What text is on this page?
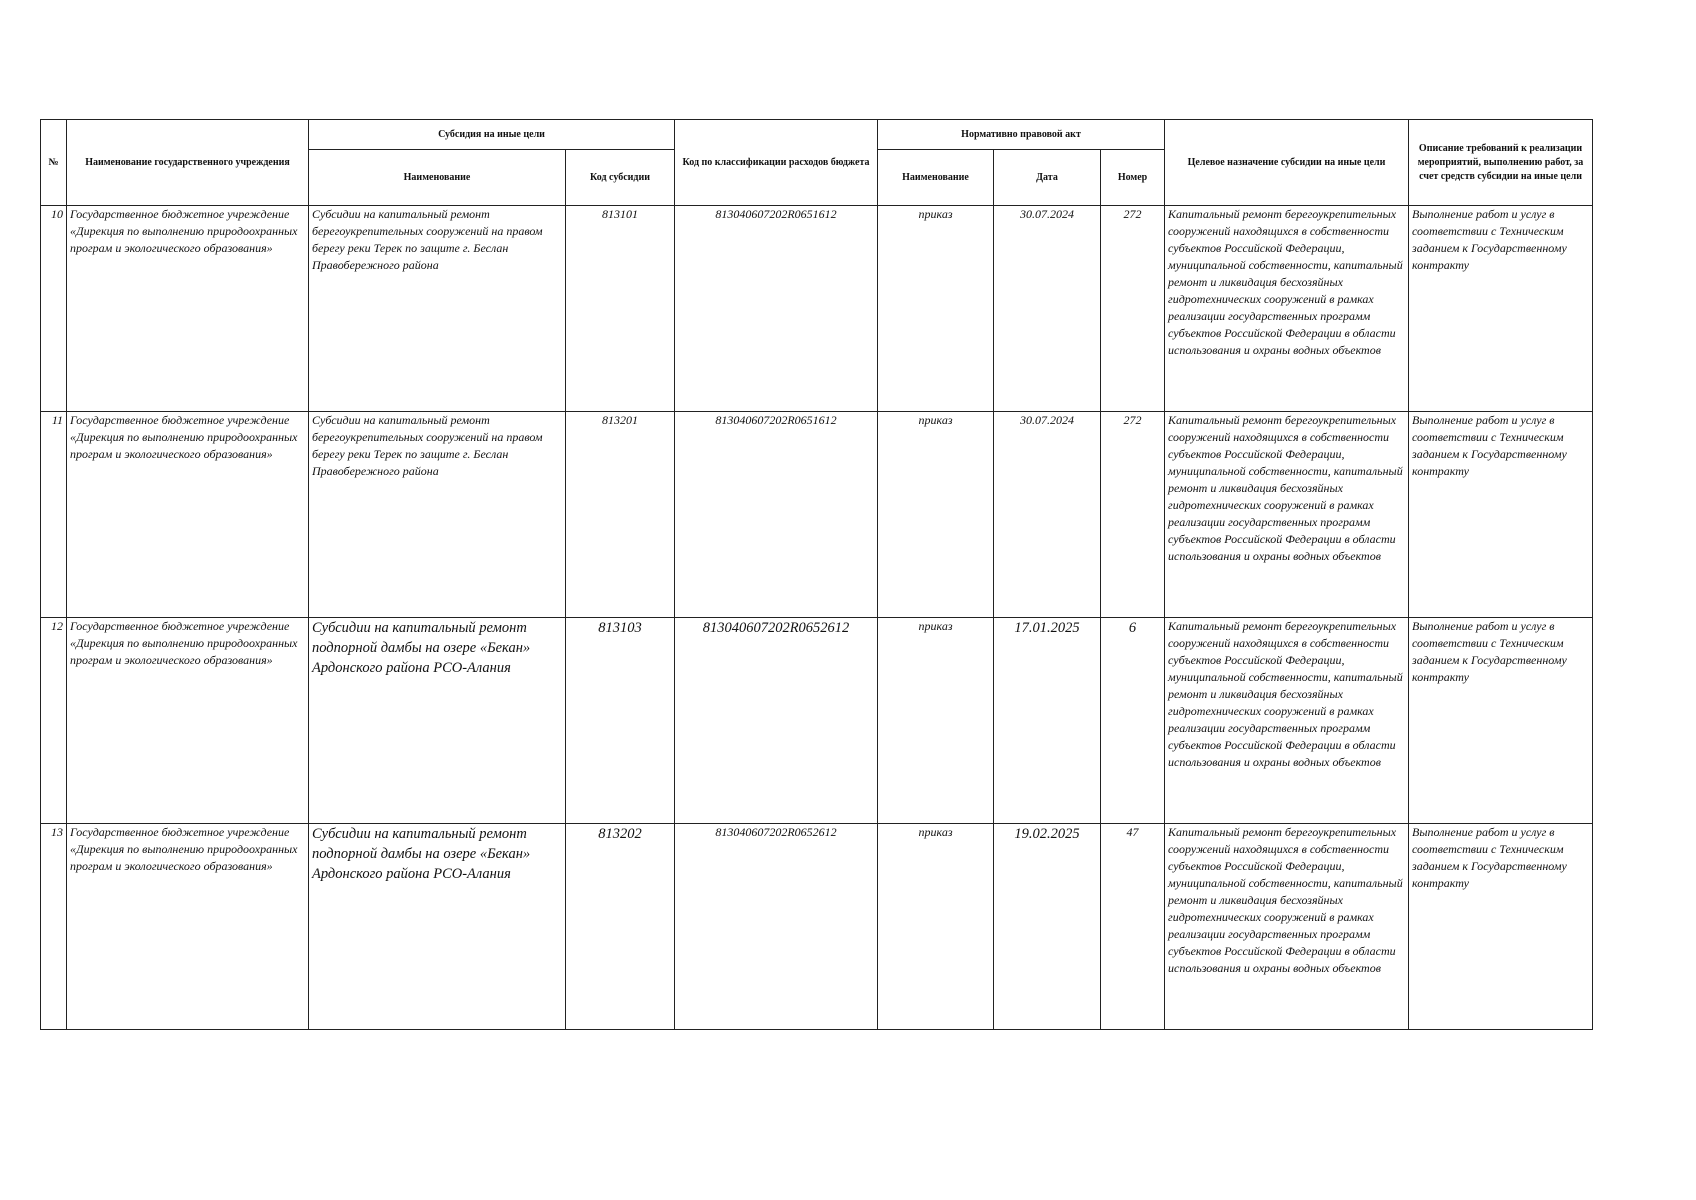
№	Наименование государственного учреждения	Субсидия на иные цели		Код по классификации расходов бюджета	Нормативно правовой акт			Целевое назначение субсидии на иные цели	Описание требований к реализации мероприятий, выполнению работ, за счет средств субсидии на иные цели
		Наименование	Код субсидии		Наименование	Дата	Номер		
10	Государственное бюджетное учреждение «Дирекция по выполнению природоохранных програм и экологического образования»	Субсидии на капитальный ремонт берегоукрепительных сооружений на правом берегу реки Терек по защите г. Беслан Правобережного района	813101	813040607202R0651612	приказ	30.07.2024	272	Капитальный ремонт берегоукрепительных сооружений находящихся в собственности субъектов Российской Федерации, муниципальной собственности, капитальный ремонт и ликвидация бесхозяйных гидротехнических сооружений в рамках реализации государственных программ субъектов Российской Федерации в области использования и охраны водных объектов	Выполнение работ и услуг в соответствии с Техническим заданием к Государственному контракту
11	Государственное бюджетное учреждение «Дирекция по выполнению природоохранных програм и экологического образования»	Субсидии на капитальный ремонт берегоукрепительных сооружений на правом берегу реки Терек по защите г. Беслан Правобережного района	813201	813040607202R0651612	приказ	30.07.2024	272	Капитальный ремонт берегоукрепительных сооружений находящихся в собственности субъектов Российской Федерации, муниципальной собственности, капитальный ремонт и ликвидация бесхозяйных гидротехнических сооружений в рамках реализации государственных программ субъектов Российской Федерации в области использования и охраны водных объектов	Выполнение работ и услуг в соответствии с Техническим заданием к Государственному контракту
12	Государственное бюджетное учреждение «Дирекция по выполнению природоохранных програм и экологического образования»	Субсидии на капитальный ремонт подпорной дамбы на озере «Бекан» Ардонского района РСО-Алания	813103	813040607202R0652612	приказ	17.01.2025	6	Капитальный ремонт берегоукрепительных сооружений находящихся в собственности субъектов Российской Федерации, муниципальной собственности, капитальный ремонт и ликвидация бесхозяйных гидротехнических сооружений в рамках реализации государственных программ субъектов Российской Федерации в области использования и охраны водных объектов	Выполнение работ и услуг в соответствии с Техническим заданием к Государственному контракту
13	Государственное бюджетное учреждение «Дирекция по выполнению природоохранных програм и экологического образования»	Субсидии на капитальный ремонт подпорной дамбы на озере «Бекан» Ардонского района РСО-Алания	813202	813040607202R0652612	приказ	19.02.2025	47	Капитальный ремонт берегоукрепительных сооружений находящихся в собственности субъектов Российской Федерации, муниципальной собственности, капитальный ремонт и ликвидация бесхозяйных гидротехнических сооружений в рамках реализации государственных программ субъектов Российской Федерации в области использования и охраны водных объектов	Выполнение работ и услуг в соответствии с Техническим заданием к Государственному контракту
